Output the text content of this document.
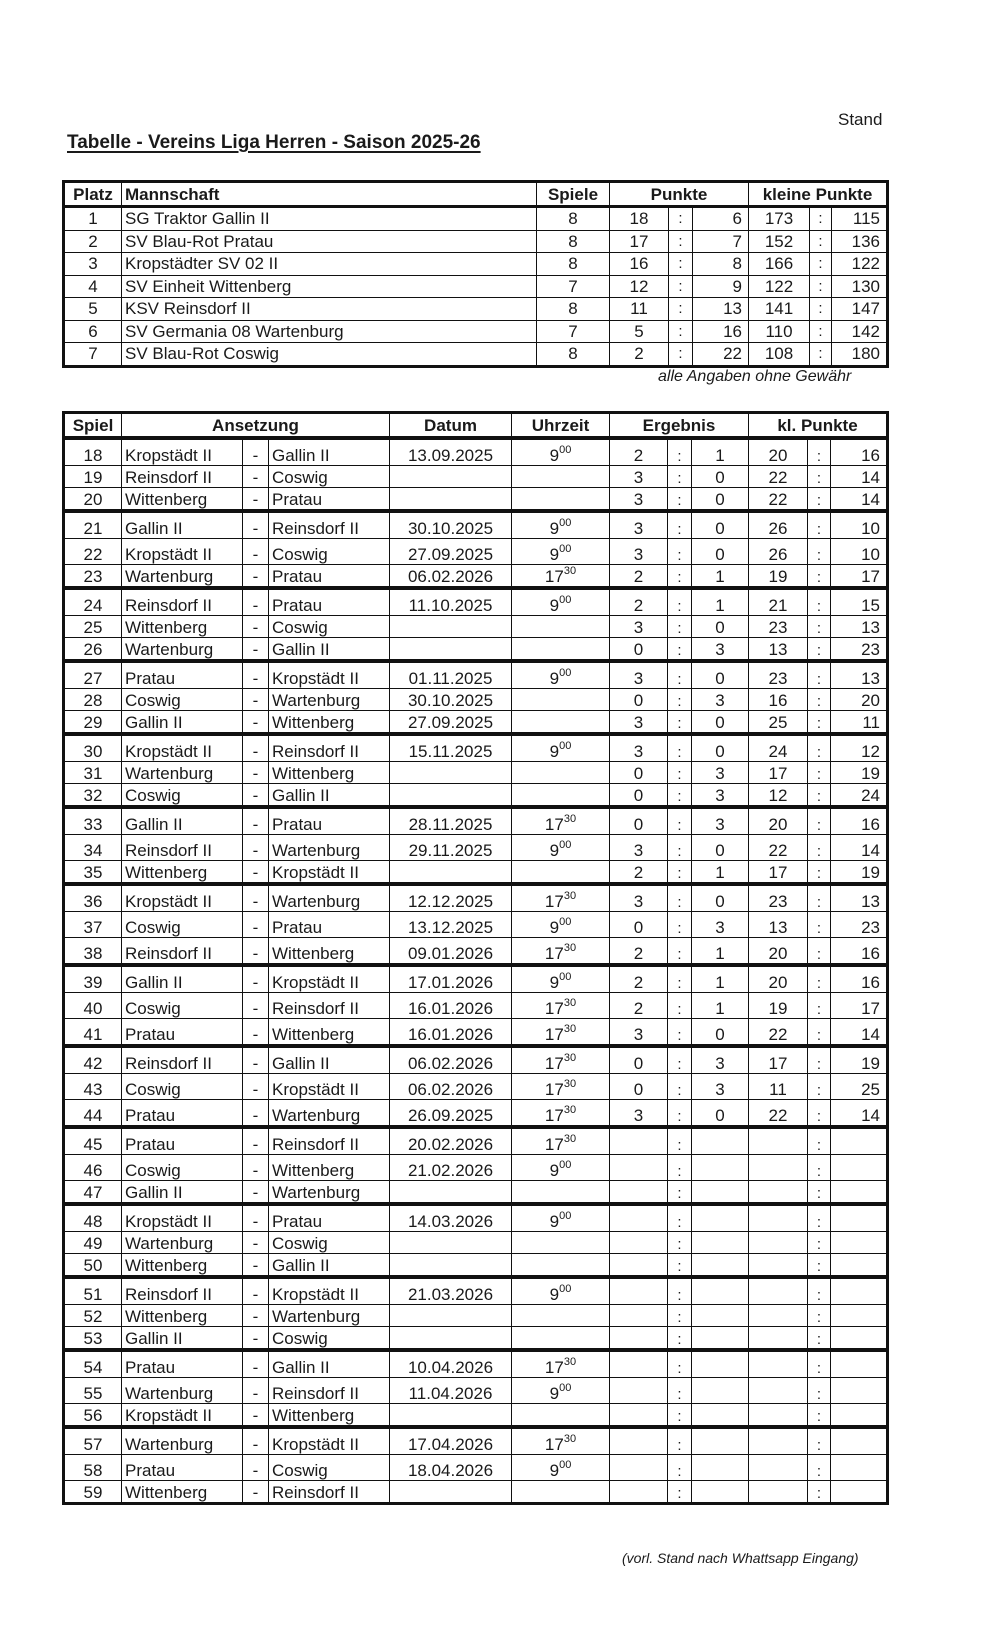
Stand
Tabelle - Vereins Liga Herren - Saison 2025-26
Platz	Mannschaft	Spiele	Punkte			kleine Punkte		
1	SG Traktor Gallin II	8	18	:	6	173	:	115
2	SV Blau-Rot Pratau	8	17	:	7	152	:	136
3	Kropstädter SV 02 II	8	16	:	8	166	:	122
4	SV Einheit Wittenberg	7	12	:	9	122	:	130
5	KSV Reinsdorf II	8	11	:	13	141	:	147
6	SV Germania 08 Wartenburg	7	5	:	16	110	:	142
7	SV Blau-Rot Coswig	8	2	:	22	108	:	180
alle Angaben ohne Gewähr
Spiel	Ansetzung			Datum	Uhrzeit	Ergebnis			kl. Punkte		
18	Kropstädt II	-	Gallin II	13.09.2025	$9^{00}$	2	:	1	20	:	16
19	Reinsdorf II	-	Coswig			3	:	0	22	:	14
20	Wittenberg	-	Pratau			3	:	0	22	:	14
21	Gallin II	-	Reinsdorf II	30.10.2025	$9^{00}$	3	:	0	26	:	10
22	Kropstädt II	-	Coswig	27.09.2025	$9^{00}$	3	:	0	26	:	10
23	Wartenburg	-	Pratau	06.02.2026	$17^{30}$	2	:	1	19	:	17
24	Reinsdorf II	-	Pratau	11.10.2025	$9^{00}$	2	:	1	21	:	15
25	Wittenberg	-	Coswig			3	:	0	23	:	13
26	Wartenburg	-	Gallin II			0	:	3	13	:	23
27	Pratau	-	Kropstädt II	01.11.2025	$9^{00}$	3	:	0	23	:	13
28	Coswig	-	Wartenburg	30.10.2025		0	:	3	16	:	20
29	Gallin II	-	Wittenberg	27.09.2025		3	:	0	25	:	11
30	Kropstädt II	-	Reinsdorf II	15.11.2025	$9^{00}$	3	:	0	24	:	12
31	Wartenburg	-	Wittenberg			0	:	3	17	:	19
32	Coswig	-	Gallin II			0	:	3	12	:	24
33	Gallin II	-	Pratau	28.11.2025	$17^{30}$	0	:	3	20	:	16
34	Reinsdorf II	-	Wartenburg	29.11.2025	$9^{00}$	3	:	0	22	:	14
35	Wittenberg	-	Kropstädt II			2	:	1	17	:	19
36	Kropstädt II	-	Wartenburg	12.12.2025	$17^{30}$	3	:	0	23	:	13
37	Coswig	-	Pratau	13.12.2025	$9^{00}$	0	:	3	13	:	23
38	Reinsdorf II	-	Wittenberg	09.01.2026	$17^{30}$	2	:	1	20	:	16
39	Gallin II	-	Kropstädt II	17.01.2026	$9^{00}$	2	:	1	20	:	16
40	Coswig	-	Reinsdorf II	16.01.2026	$17^{30}$	2	:	1	19	:	17
41	Pratau	-	Wittenberg	16.01.2026	$17^{30}$	3	:	0	22	:	14
42	Reinsdorf II	-	Gallin II	06.02.2026	$17^{30}$	0	:	3	17	:	19
43	Coswig	-	Kropstädt II	06.02.2026	$17^{30}$	0	:	3	11	:	25
44	Pratau	-	Wartenburg	26.09.2025	$17^{30}$	3	:	0	22	:	14
45	Pratau	-	Reinsdorf II	20.02.2026	$17^{30}$		:			:	
46	Coswig	-	Wittenberg	21.02.2026	$9^{00}$		:			:	
47	Gallin II	-	Wartenburg				:			:	
48	Kropstädt II	-	Pratau	14.03.2026	$9^{00}$		:			:	
49	Wartenburg	-	Coswig				:			:	
50	Wittenberg	-	Gallin II				:			:	
51	Reinsdorf II	-	Kropstädt II	21.03.2026	$9^{00}$		:			:	
52	Wittenberg	-	Wartenburg				:			:	
53	Gallin II	-	Coswig				:			:	
54	Pratau	-	Gallin II	10.04.2026	$17^{30}$		:			:	
55	Wartenburg	-	Reinsdorf II	11.04.2026	$9^{00}$		:			:	
56	Kropstädt II	-	Wittenberg				:			:	
57	Wartenburg	-	Kropstädt II	17.04.2026	$17^{30}$		:			:	
58	Pratau	-	Coswig	18.04.2026	$9^{00}$		:			:	
59	Wittenberg	-	Reinsdorf II				:			:	
(vorl. Stand nach Whattsapp Eingang)
